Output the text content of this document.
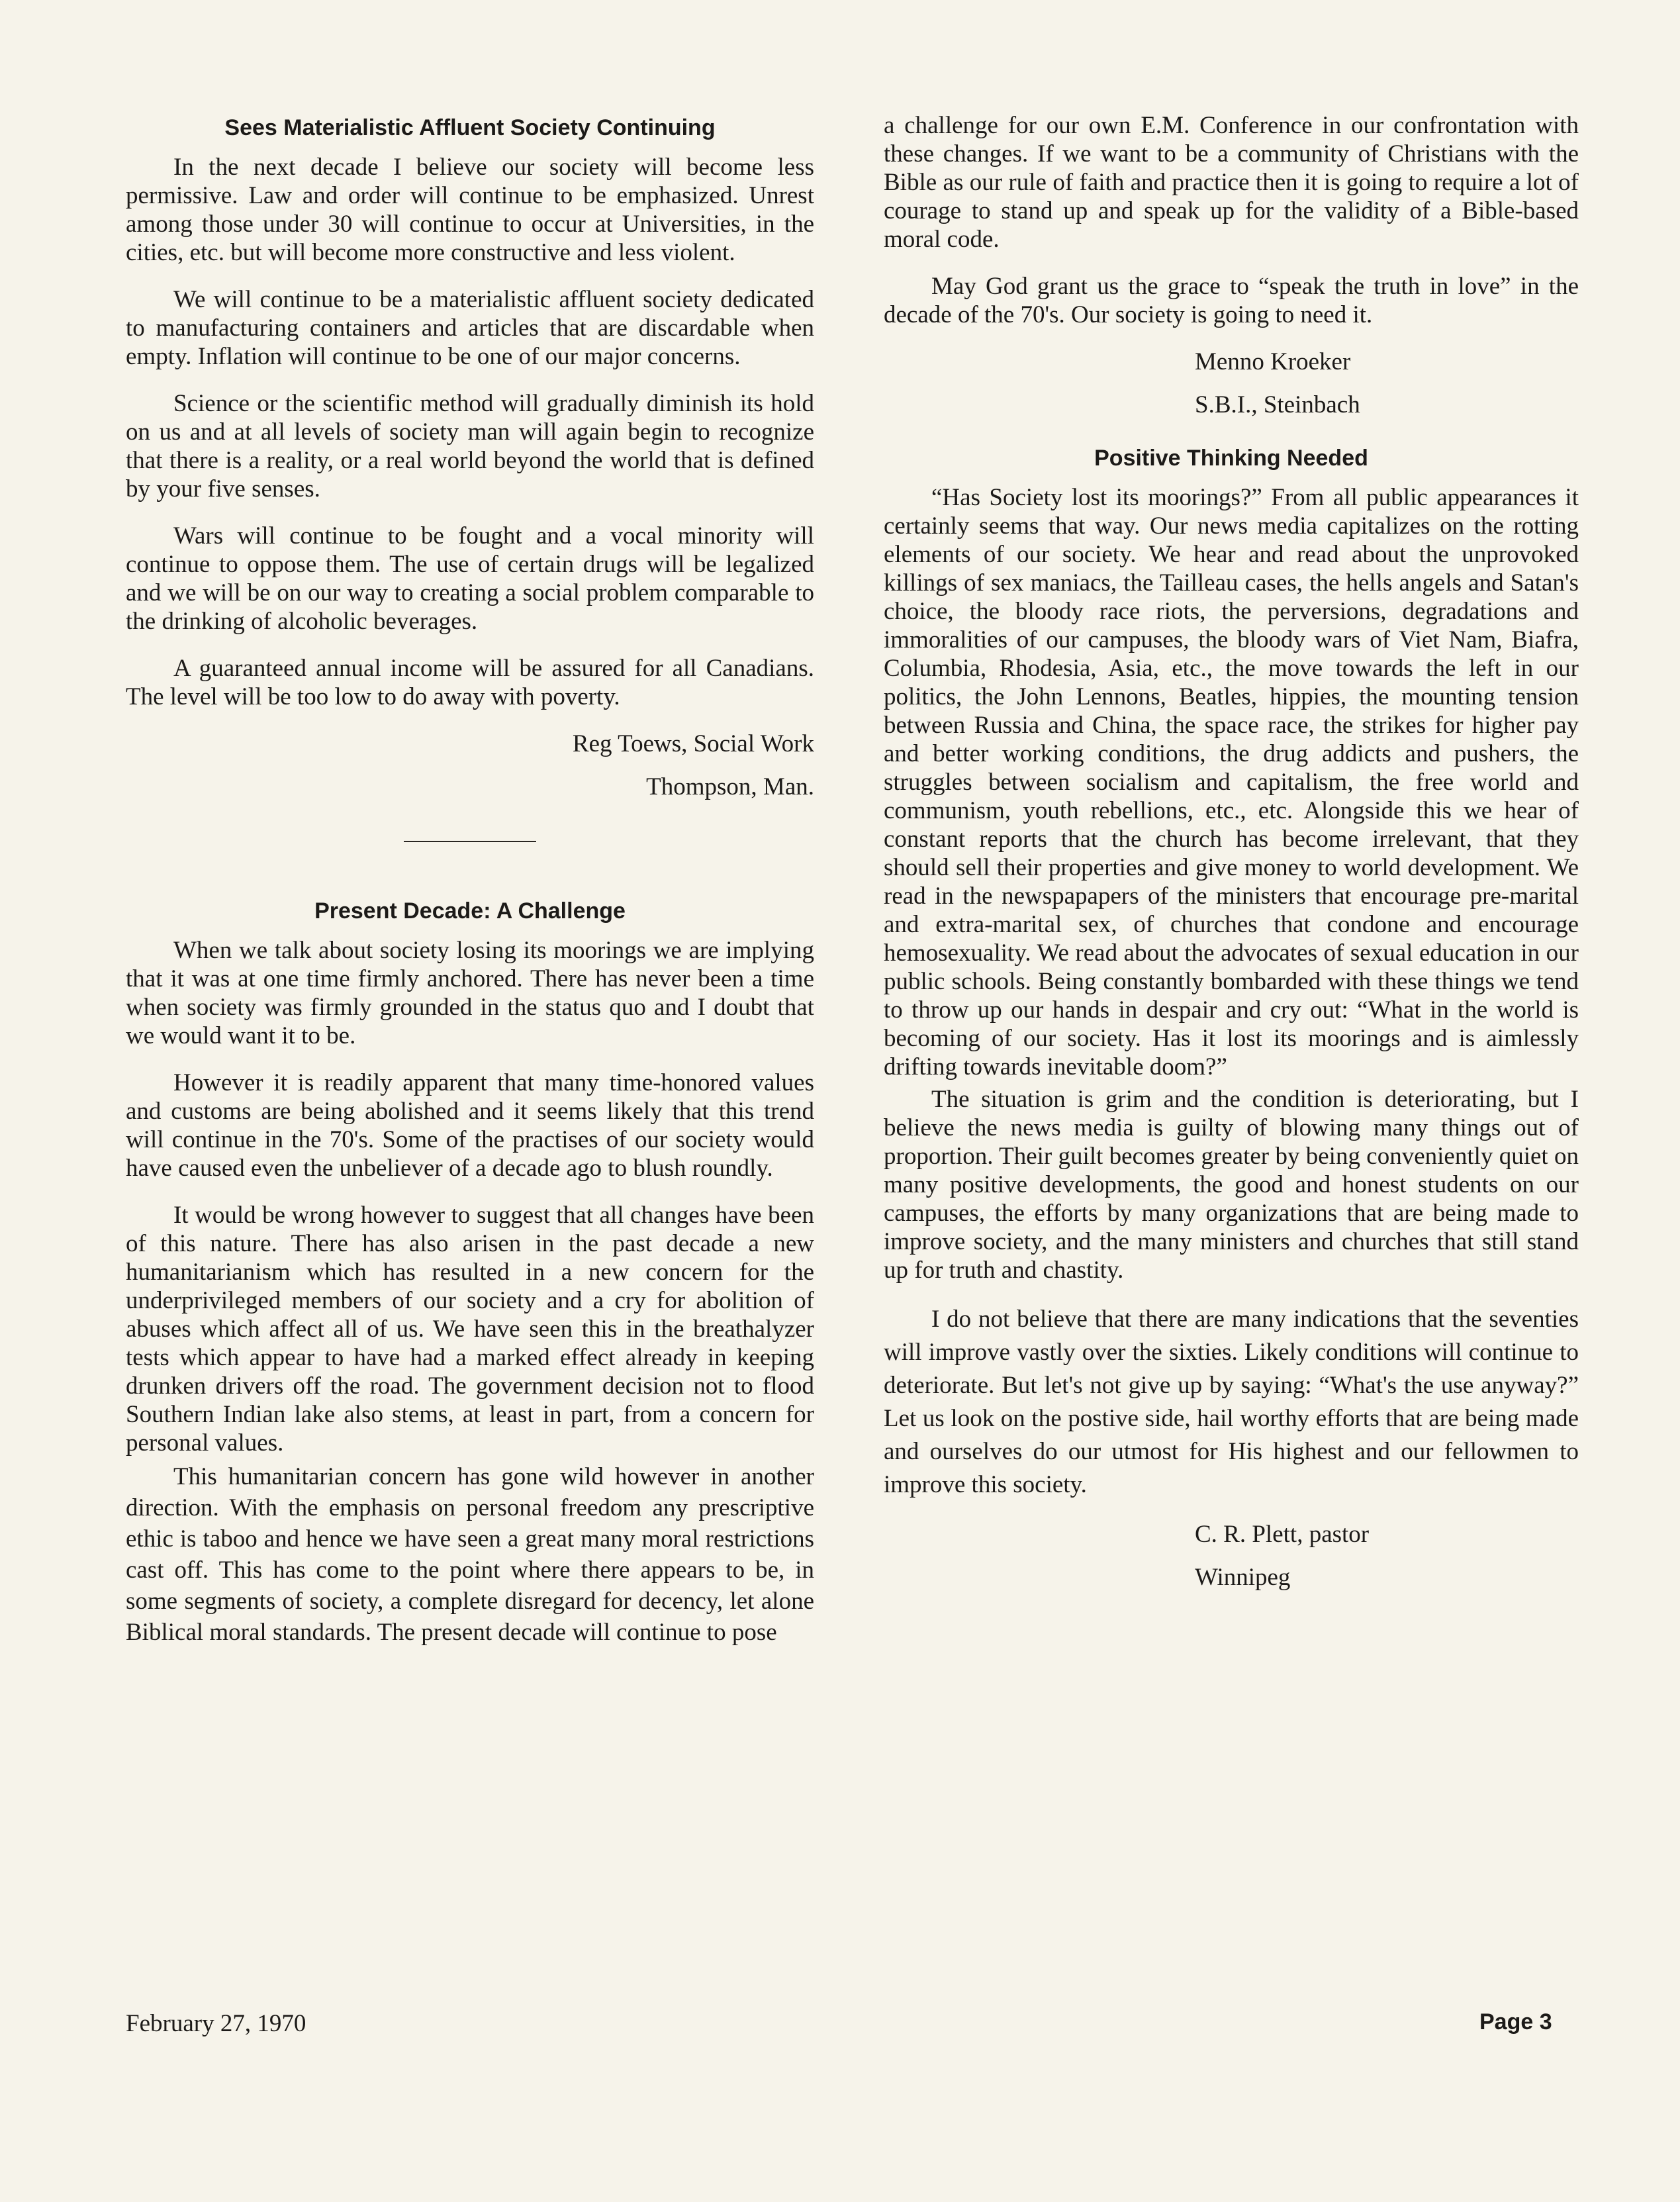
Sees Materialistic Affluent Society Continuing

In the next decade I believe our society will become less permissive. Law and order will continue to be emphasized. Unrest among those under 30 will continue to occur at Universities, in the cities, etc. but will become more constructive and less violent.

We will continue to be a materialistic affluent society dedicated to manufacturing containers and articles that are discardable when empty. Inflation will continue to be one of our major concerns.

Science or the scientific method will gradually diminish its hold on us and at all levels of society man will again begin to recognize that there is a reality, or a real world beyond the world that is defined by your five senses.

Wars will continue to be fought and a vocal minority will continue to oppose them. The use of certain drugs will be legalized and we will be on our way to creating a social problem comparable to the drinking of alcoholic beverages.

A guaranteed annual income will be assured for all Canadians. The level will be too low to do away with poverty.

Reg Toews, Social Work
Thompson, Man.
Present Decade: A Challenge

When we talk about society losing its moorings we are implying that it was at one time firmly anchored. There has never been a time when society was firmly grounded in the status quo and I doubt that we would want it to be.

However it is readily apparent that many time-honored values and customs are being abolished and it seems likely that this trend will continue in the 70's. Some of the practises of our society would have caused even the unbeliever of a decade ago to blush roundly.

It would be wrong however to suggest that all changes have been of this nature. There has also arisen in the past decade a new humanitarianism which has resulted in a new concern for the underprivileged members of our society and a cry for abolition of abuses which affect all of us. We have seen this in the breathalyzer tests which appear to have had a marked effect already in keeping drunken drivers off the road. The government decision not to flood Southern Indian lake also stems, at least in part, from a concern for personal values.

This humanitarian concern has gone wild however in another direction. With the emphasis on personal freedom any prescriptive ethic is taboo and hence we have seen a great many moral restrictions cast off. This has come to the point where there appears to be, in some segments of society, a complete disregard for decency, let alone Biblical moral standards. The present decade will continue to pose

a challenge for our own E.M. Conference in our confrontation with these changes. If we want to be a community of Christians with the Bible as our rule of faith and practice then it is going to require a lot of courage to stand up and speak up for the validity of a Bible-based moral code.

May God grant us the grace to “speak the truth in love” in the decade of the 70's. Our society is going to need it.

Menno Kroeker
S.B.I., Steinbach
Positive Thinking Needed

“Has Society lost its moorings?” From all public appearances it certainly seems that way. Our news media capitalizes on the rotting elements of our society. We hear and read about the unprovoked killings of sex maniacs, the Tailleau cases, the hells angels and Satan's choice, the bloody race riots, the perversions, degradations and immoralities of our campuses, the bloody wars of Viet Nam, Biafra, Columbia, Rhodesia, Asia, etc., the move towards the left in our politics, the John Lennons, Beatles, hippies, the mounting tension between Russia and China, the space race, the strikes for higher pay and better working conditions, the drug addicts and pushers, the struggles between socialism and capitalism, the free world and communism, youth rebellions, etc., etc. Alongside this we hear of constant reports that the church has become irrelevant, that they should sell their properties and give money to world development. We read in the newspapapers of the ministers that encourage pre-marital and extra-marital sex, of churches that condone and encourage hemosexuality. We read about the advocates of sexual education in our public schools. Being constantly bombarded with these things we tend to throw up our hands in despair and cry out: “What in the world is becoming of our society. Has it lost its moorings and is aimlessly drifting towards inevitable doom?”

The situation is grim and the condition is deteriorating, but I believe the news media is guilty of blowing many things out of proportion. Their guilt becomes greater by being conveniently quiet on many positive developments, the good and honest students on our campuses, the efforts by many organizations that are being made to improve society, and the many ministers and churches that still stand up for truth and chastity.

I do not believe that there are many indications that the seventies will improve vastly over the sixties. Likely conditions will continue to deteriorate. But let's not give up by saying: “What's the use anyway?” Let us look on the postive side, hail worthy efforts that are being made and ourselves do our utmost for His highest and our fellowmen to improve this society.

C. R. Plett, pastor
Winnipeg
February 27, 1970	Page 3
